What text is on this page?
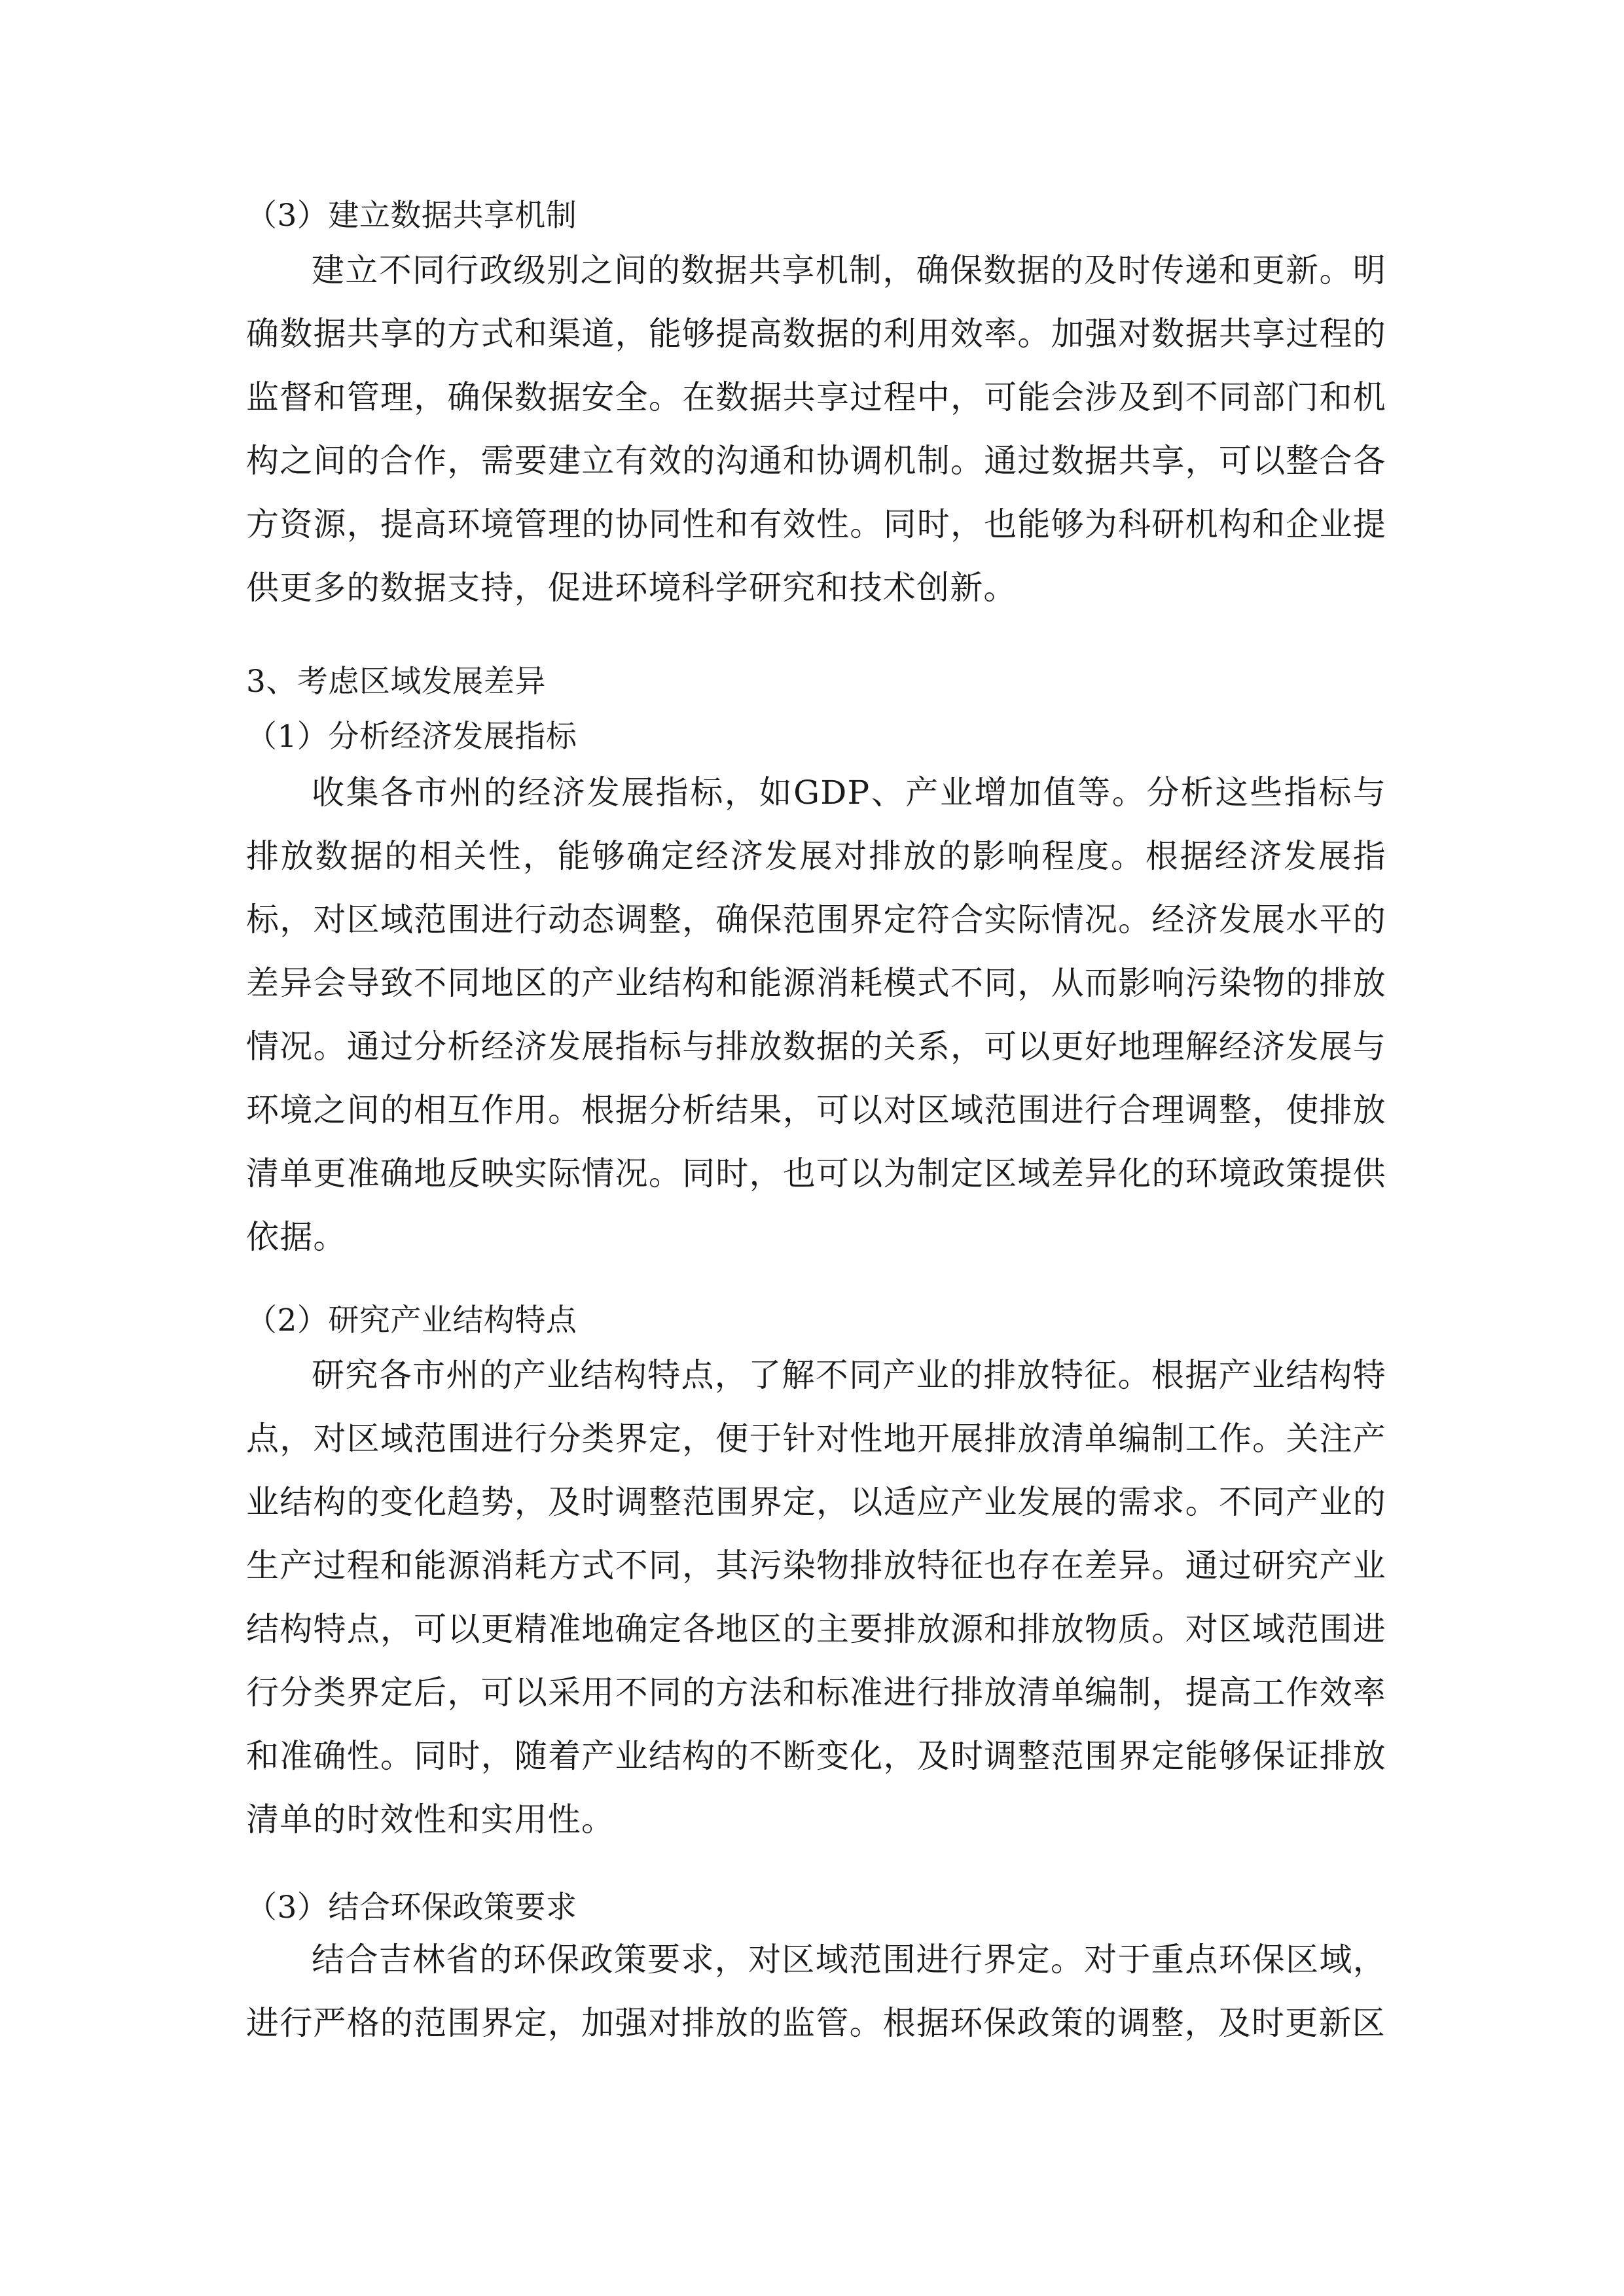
（3）建立数据共享机制
建立不同行政级别之间的数据共享机制，确保数据的及时传递和更新。明确数据共享的方式和渠道，能够提高数据的利用效率。加强对数据共享过程的监督和管理，确保数据安全。在数据共享过程中，可能会涉及到不同部门和机构之间的合作，需要建立有效的沟通和协调机制。通过数据共享，可以整合各方资源，提高环境管理的协同性和有效性。同时，也能够为科研机构和企业提供更多的数据支持，促进环境科学研究和技术创新。
3、考虑区域发展差异
（1）分析经济发展指标
收集各市州的经济发展指标，如GDP、产业增加值等。分析这些指标与排放数据的相关性，能够确定经济发展对排放的影响程度。根据经济发展指标，对区域范围进行动态调整，确保范围界定符合实际情况。经济发展水平的差异会导致不同地区的产业结构和能源消耗模式不同，从而影响污染物的排放情况。通过分析经济发展指标与排放数据的关系，可以更好地理解经济发展与环境之间的相互作用。根据分析结果，可以对区域范围进行合理调整，使排放清单更准确地反映实际情况。同时，也可以为制定区域差异化的环境政策提供依据。
（2）研究产业结构特点
研究各市州的产业结构特点，了解不同产业的排放特征。根据产业结构特点，对区域范围进行分类界定，便于针对性地开展排放清单编制工作。关注产业结构的变化趋势，及时调整范围界定，以适应产业发展的需求。不同产业的生产过程和能源消耗方式不同，其污染物排放特征也存在差异。通过研究产业结构特点，可以更精准地确定各地区的主要排放源和排放物质。对区域范围进行分类界定后，可以采用不同的方法和标准进行排放清单编制，提高工作效率和准确性。同时，随着产业结构的不断变化，及时调整范围界定能够保证排放清单的时效性和实用性。
（3）结合环保政策要求
结合吉林省的环保政策要求，对区域范围进行界定。对于重点环保区域，进行严格的范围界定，加强对排放的监管。根据环保政策的调整，及时更新区
